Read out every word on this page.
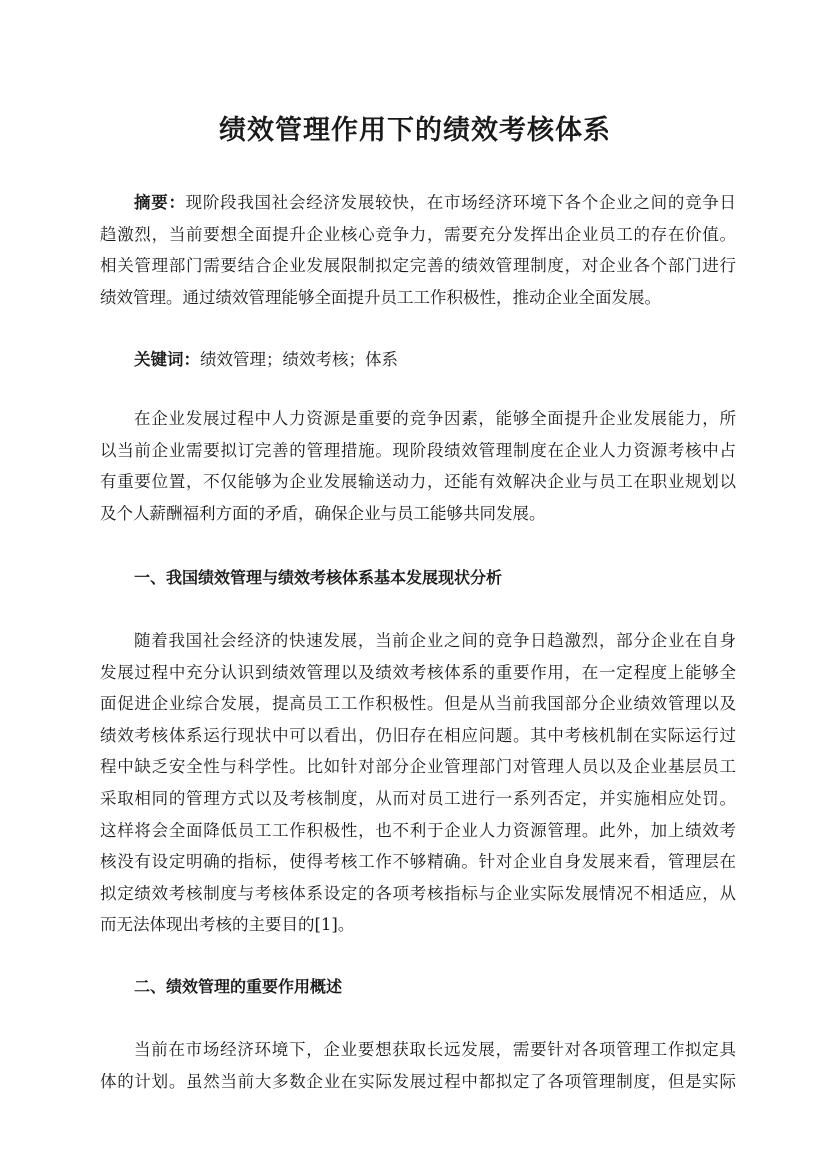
绩效管理作用下的绩效考核体系
摘要：现阶段我国社会经济发展较快，在市场经济环境下各个企业之间的竞争日
趋激烈，当前要想全面提升企业核心竞争力，需要充分发挥出企业员工的存在价值。
相关管理部门需要结合企业发展限制拟定完善的绩效管理制度，对企业各个部门进行
绩效管理。通过绩效管理能够全面提升员工工作积极性，推动企业全面发展。
关键词：绩效管理；绩效考核；体系
在企业发展过程中人力资源是重要的竞争因素，能够全面提升企业发展能力，所
以当前企业需要拟订完善的管理措施。现阶段绩效管理制度在企业人力资源考核中占
有重要位置，不仅能够为企业发展输送动力，还能有效解决企业与员工在职业规划以
及个人薪酬福利方面的矛盾，确保企业与员工能够共同发展。
一、我国绩效管理与绩效考核体系基本发展现状分析
随着我国社会经济的快速发展，当前企业之间的竞争日趋激烈，部分企业在自身
发展过程中充分认识到绩效管理以及绩效考核体系的重要作用，在一定程度上能够全
面促进企业综合发展，提高员工工作积极性。但是从当前我国部分企业绩效管理以及
绩效考核体系运行现状中可以看出，仍旧存在相应问题。其中考核机制在实际运行过
程中缺乏安全性与科学性。比如针对部分企业管理部门对管理人员以及企业基层员工
采取相同的管理方式以及考核制度，从而对员工进行一系列否定，并实施相应处罚。
这样将会全面降低员工工作积极性，也不利于企业人力资源管理。此外，加上绩效考
核没有设定明确的指标，使得考核工作不够精确。针对企业自身发展来看，管理层在
拟定绩效考核制度与考核体系设定的各项考核指标与企业实际发展情况不相适应，从
而无法体现出考核的主要目的[1]。
二、绩效管理的重要作用概述
当前在市场经济环境下，企业要想获取长远发展，需要针对各项管理工作拟定具
体的计划。虽然当前大多数企业在实际发展过程中都拟定了各项管理制度，但是实际
